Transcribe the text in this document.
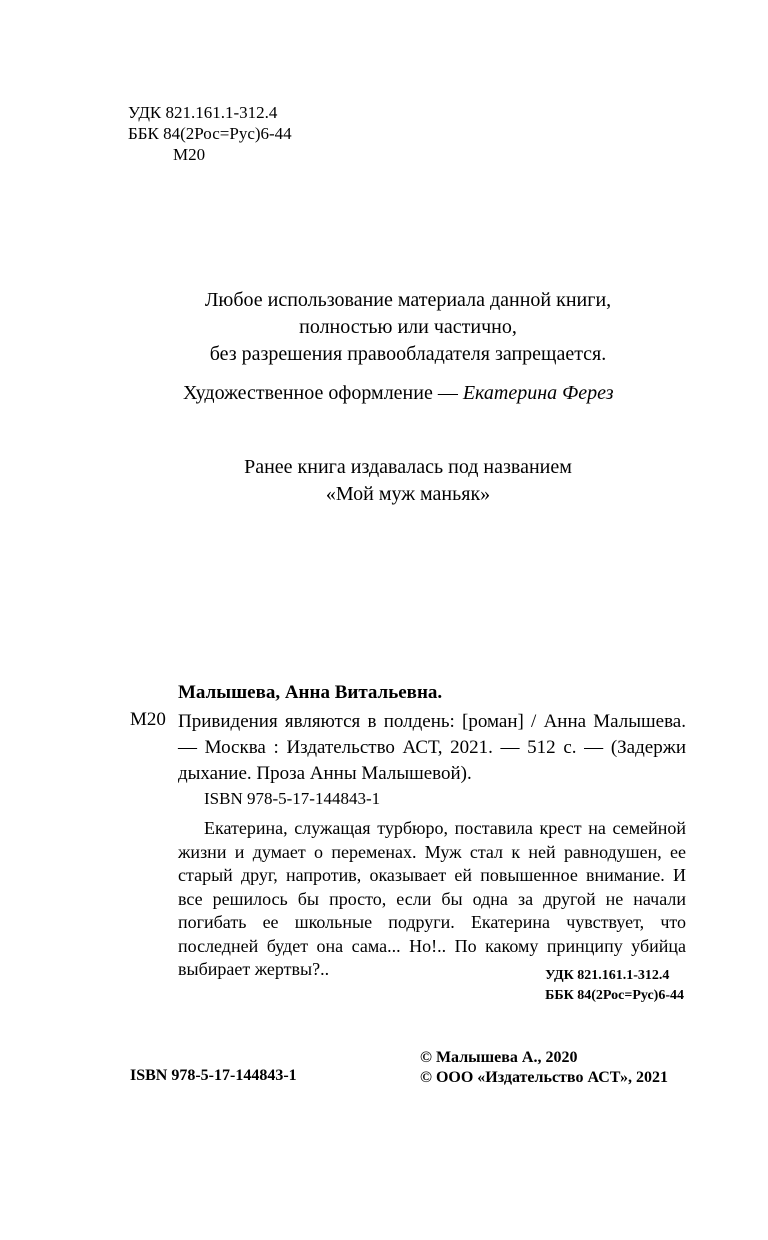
УДК 821.161.1-312.4
ББК 84(2Рос=Рус)6-44
М20
Любое использование материала данной книги,
полностью или частично,
без разрешения правообладателя запрещается.
Художественное оформление — Екатерина Ферез
Ранее книга издавалась под названием
«Мой муж маньяк»
Малышева, Анна Витальевна.
М20 Привидения являются в полдень: [роман] / Анна Малышева. — Москва : Издательство АСТ, 2021. — 512 с. — (Задержи дыхание. Проза Анны Малышевой).
ISBN 978-5-17-144843-1
Екатерина, служащая турбюро, поставила крест на семейной жизни и думает о переменах. Муж стал к ней равнодушен, ее старый друг, напротив, оказывает ей повышенное внимание. И все решилось бы просто, если бы одна за другой не начали погибать ее школьные подруги. Екатерина чувствует, что последней будет она сама... Но!.. По какому принципу убийца выбирает жертвы?..	УДК 821.161.1-312.4
ББК 84(2Рос=Рус)6-44
ISBN 978-5-17-144843-1
© Малышева А., 2020
© ООО «Издательство АСТ», 2021
